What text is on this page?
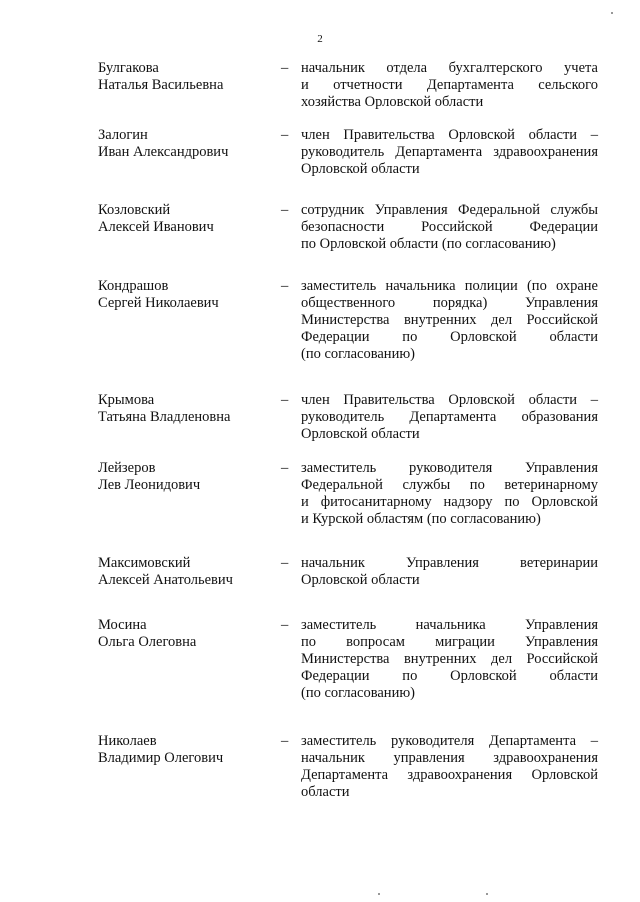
2
Булгакова
Наталья Васильевна
– начальник отдела бухгалтерского учета
и отчетности Департамента сельского
хозяйства Орловской области
Залогин
Иван Александрович
– член Правительства Орловской области –
руководитель Департамента здравоохранения
Орловской области
Козловский
Алексей Иванович
– сотрудник Управления Федеральной службы
безопасности Российской Федерации
по Орловской области (по согласованию)
Кондрашов
Сергей Николаевич
– заместитель начальника полиции (по охране
общественного порядка) Управления
Министерства внутренних дел Российской
Федерации по Орловской области
(по согласованию)
Крымова
Татьяна Владленовна
– член Правительства Орловской области –
руководитель Департамента образования
Орловской области
Лейзеров
Лев Леонидович
– заместитель руководителя Управления
Федеральной службы по ветеринарному
и фитосанитарному надзору по Орловской
и Курской областям (по согласованию)
Максимовский
Алексей Анатольевич
– начальник Управления ветеринарии
Орловской области
Мосина
Ольга Олеговна
– заместитель начальника Управления
по вопросам миграции Управления
Министерства внутренних дел Российской
Федерации по Орловской области
(по согласованию)
Николаев
Владимир Олегович
– заместитель руководителя Департамента –
начальник управления здравоохранения
Департамента здравоохранения Орловской
области
